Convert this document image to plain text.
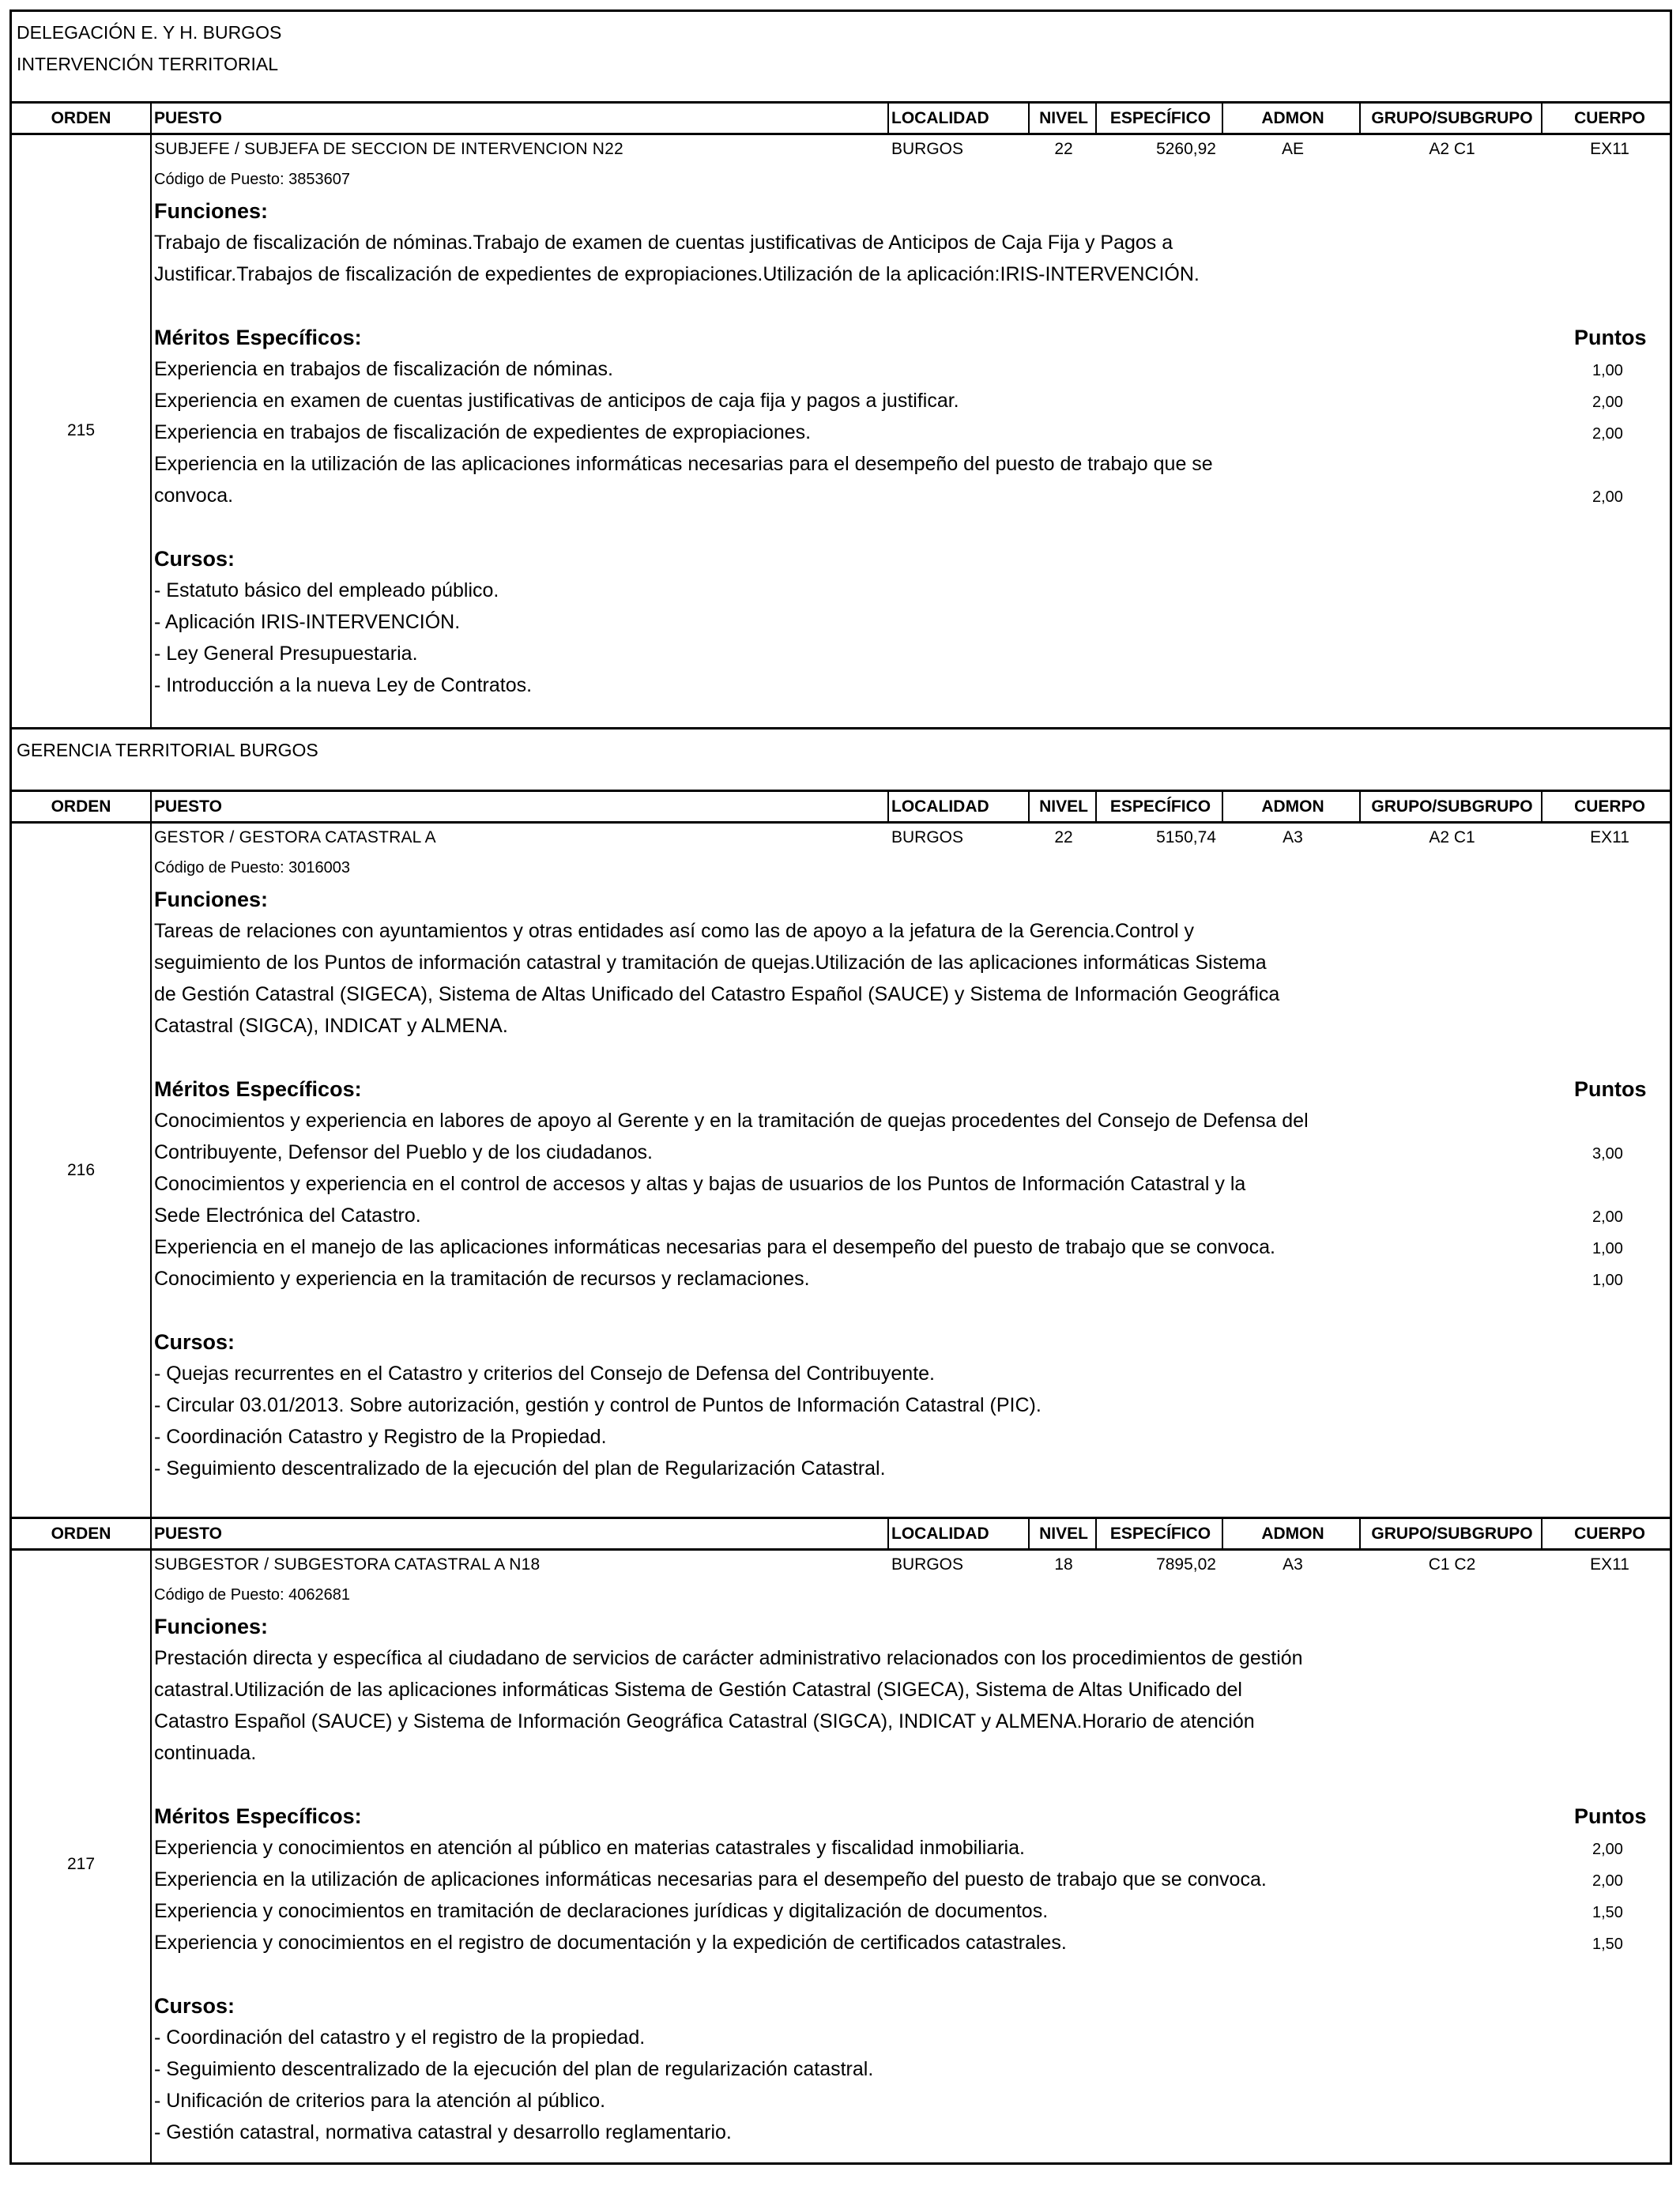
DELEGACIÓN E. Y H. BURGOS
INTERVENCIÓN TERRITORIAL
ORDEN	PUESTO	LOCALIDAD	NIVEL	ESPECÍFICO	ADMON	GRUPO/SUBGRUPO	CUERPO
215
SUBJEFE / SUBJEFA DE SECCION DE INTERVENCION N22	BURGOS	22	5260,92	AE	A2 C1	EX11
Código de Puesto: 3853607
Funciones:
Trabajo de fiscalización de nóminas.Trabajo de examen de cuentas justificativas de Anticipos de Caja Fija y Pagos a
Justificar.Trabajos de fiscalización de expedientes de expropiaciones.Utilización de la aplicación:IRIS-INTERVENCIÓN.
Méritos Específicos:	Puntos
Experiencia en trabajos de fiscalización de nóminas.	1,00
Experiencia en examen de cuentas justificativas de anticipos de caja fija y pagos a justificar.	2,00
Experiencia en trabajos de fiscalización de expedientes de expropiaciones.	2,00
Experiencia en la utilización de las aplicaciones informáticas necesarias para el desempeño del puesto de trabajo que se
convoca.	2,00
Cursos:
- Estatuto básico del empleado público.
- Aplicación IRIS-INTERVENCIÓN.
- Ley General Presupuestaria.
- Introducción a la nueva Ley de Contratos.
GERENCIA TERRITORIAL BURGOS
ORDEN	PUESTO	LOCALIDAD	NIVEL	ESPECÍFICO	ADMON	GRUPO/SUBGRUPO	CUERPO
216
GESTOR / GESTORA CATASTRAL A	BURGOS	22	5150,74	A3	A2 C1	EX11
Código de Puesto: 3016003
Funciones:
Tareas de relaciones con ayuntamientos y otras entidades así como las de apoyo a la jefatura de la Gerencia.Control y
seguimiento de los Puntos de información catastral y tramitación de quejas.Utilización de las aplicaciones informáticas Sistema
de Gestión Catastral (SIGECA), Sistema de Altas Unificado del Catastro Español (SAUCE) y Sistema de Información Geográfica
Catastral (SIGCA), INDICAT y ALMENA.
Méritos Específicos:	Puntos
Conocimientos y experiencia en labores de apoyo al Gerente y en la tramitación de quejas procedentes del Consejo de Defensa del
Contribuyente, Defensor del Pueblo y de los ciudadanos.	3,00
Conocimientos y experiencia en el control de accesos y altas y bajas de usuarios de los Puntos de Información Catastral y la
Sede Electrónica del Catastro.	2,00
Experiencia en el manejo de las aplicaciones informáticas necesarias para el desempeño del puesto de trabajo que se convoca.	1,00
Conocimiento y experiencia en la tramitación de recursos y reclamaciones.	1,00
Cursos:
- Quejas recurrentes en el Catastro y criterios del Consejo de Defensa del Contribuyente.
- Circular 03.01/2013. Sobre autorización, gestión y control de Puntos de Información Catastral (PIC).
- Coordinación Catastro y Registro de la Propiedad.
- Seguimiento descentralizado de la ejecución del plan de Regularización Catastral.
ORDEN	PUESTO	LOCALIDAD	NIVEL	ESPECÍFICO	ADMON	GRUPO/SUBGRUPO	CUERPO
217
SUBGESTOR / SUBGESTORA CATASTRAL A N18	BURGOS	18	7895,02	A3	C1 C2	EX11
Código de Puesto: 4062681
Funciones:
Prestación directa y específica al ciudadano de servicios de carácter administrativo relacionados con los procedimientos de gestión
catastral.Utilización de las aplicaciones informáticas Sistema de Gestión Catastral (SIGECA), Sistema de Altas Unificado del
Catastro Español (SAUCE) y Sistema de Información Geográfica Catastral (SIGCA), INDICAT y ALMENA.Horario de atención
continuada.
Méritos Específicos:	Puntos
Experiencia y conocimientos en atención al público en materias catastrales y fiscalidad inmobiliaria.	2,00
Experiencia en la utilización de aplicaciones informáticas necesarias para el desempeño del puesto de trabajo que se convoca.	2,00
Experiencia y conocimientos en tramitación de declaraciones jurídicas y digitalización de documentos.	1,50
Experiencia y conocimientos en el registro de documentación y la expedición de certificados catastrales.	1,50
Cursos:
- Coordinación del catastro y el registro de la propiedad.
- Seguimiento descentralizado de la ejecución del plan de regularización catastral.
- Unificación de criterios para la atención al público.
- Gestión catastral, normativa catastral y desarrollo reglamentario.
